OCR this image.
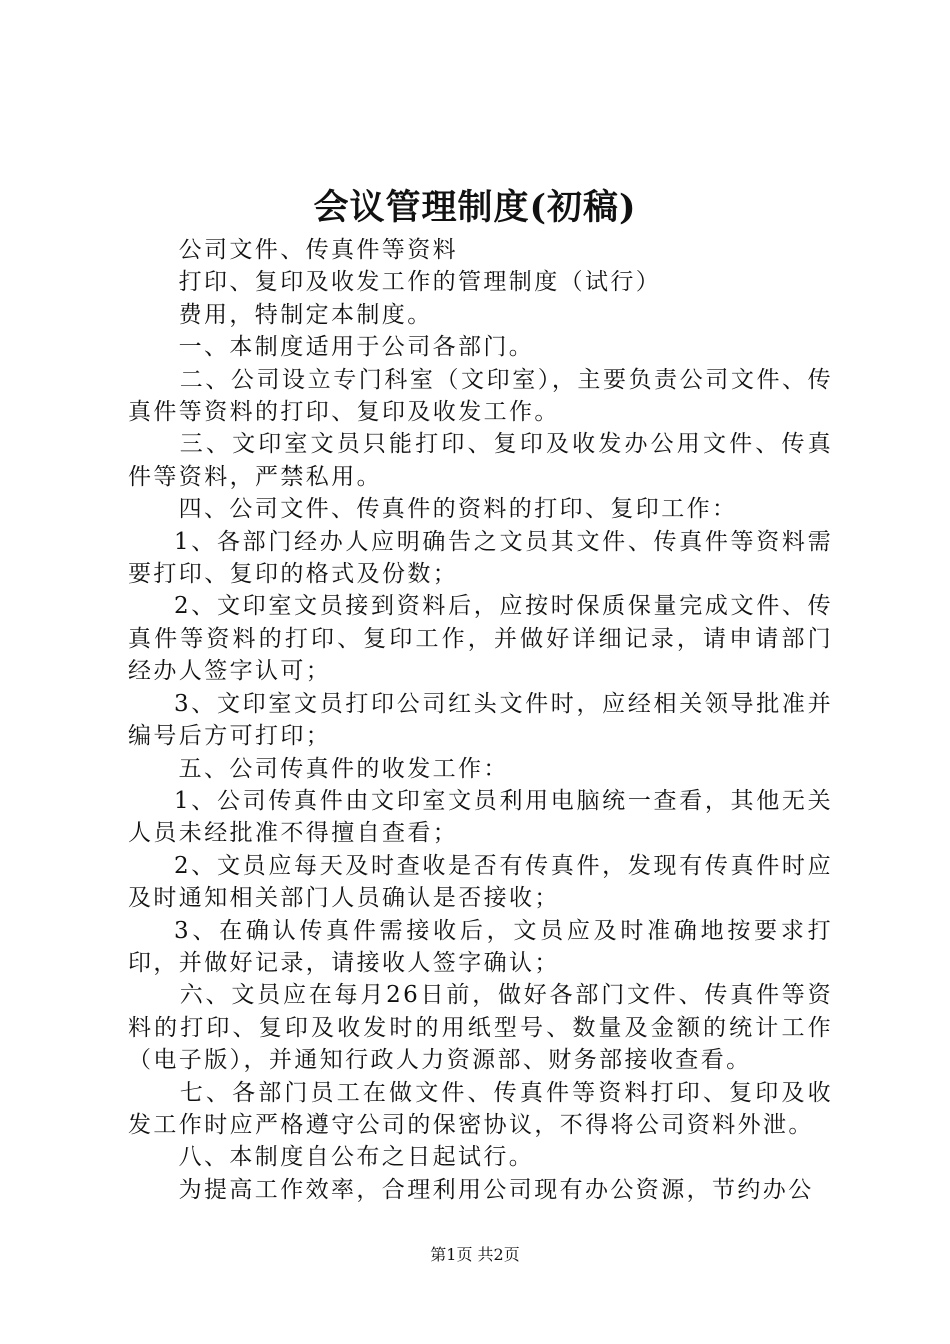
会议管理制度(初稿)

公司文件、传真件等资料

打印、复印及收发工作的管理制度（试行）

费用，特制定本制度。

一、本制度适用于公司各部门。

二、公司设立专门科室（文印室），主要负责公司文件、传真件等资料的打印、复印及收发工作。

三、文印室文员只能打印、复印及收发办公用文件、传真件等资料，严禁私用。

四、公司文件、传真件的资料的打印、复印工作：

1、各部门经办人应明确告之文员其文件、传真件等资料需要打印、复印的格式及份数；

2、文印室文员接到资料后，应按时保质保量完成文件、传真件等资料的打印、复印工作，并做好详细记录，请申请部门经办人签字认可；

3、文印室文员打印公司红头文件时，应经相关领导批准并编号后方可打印；

五、公司传真件的收发工作：

1、公司传真件由文印室文员利用电脑统一查看，其他无关人员未经批准不得擅自查看；

2、文员应每天及时查收是否有传真件，发现有传真件时应及时通知相关部门人员确认是否接收；

3、在确认传真件需接收后，文员应及时准确地按要求打印，并做好记录，请接收人签字确认；

六、文员应在每月26日前，做好各部门文件、传真件等资料的打印、复印及收发时的用纸型号、数量及金额的统计工作（电子版），并通知行政人力资源部、财务部接收查看。

七、各部门员工在做文件、传真件等资料打印、复印及收发工作时应严格遵守公司的保密协议，不得将公司资料外泄。

八、本制度自公布之日起试行。

为提高工作效率，合理利用公司现有办公资源，节约办公

第1页 共2页
